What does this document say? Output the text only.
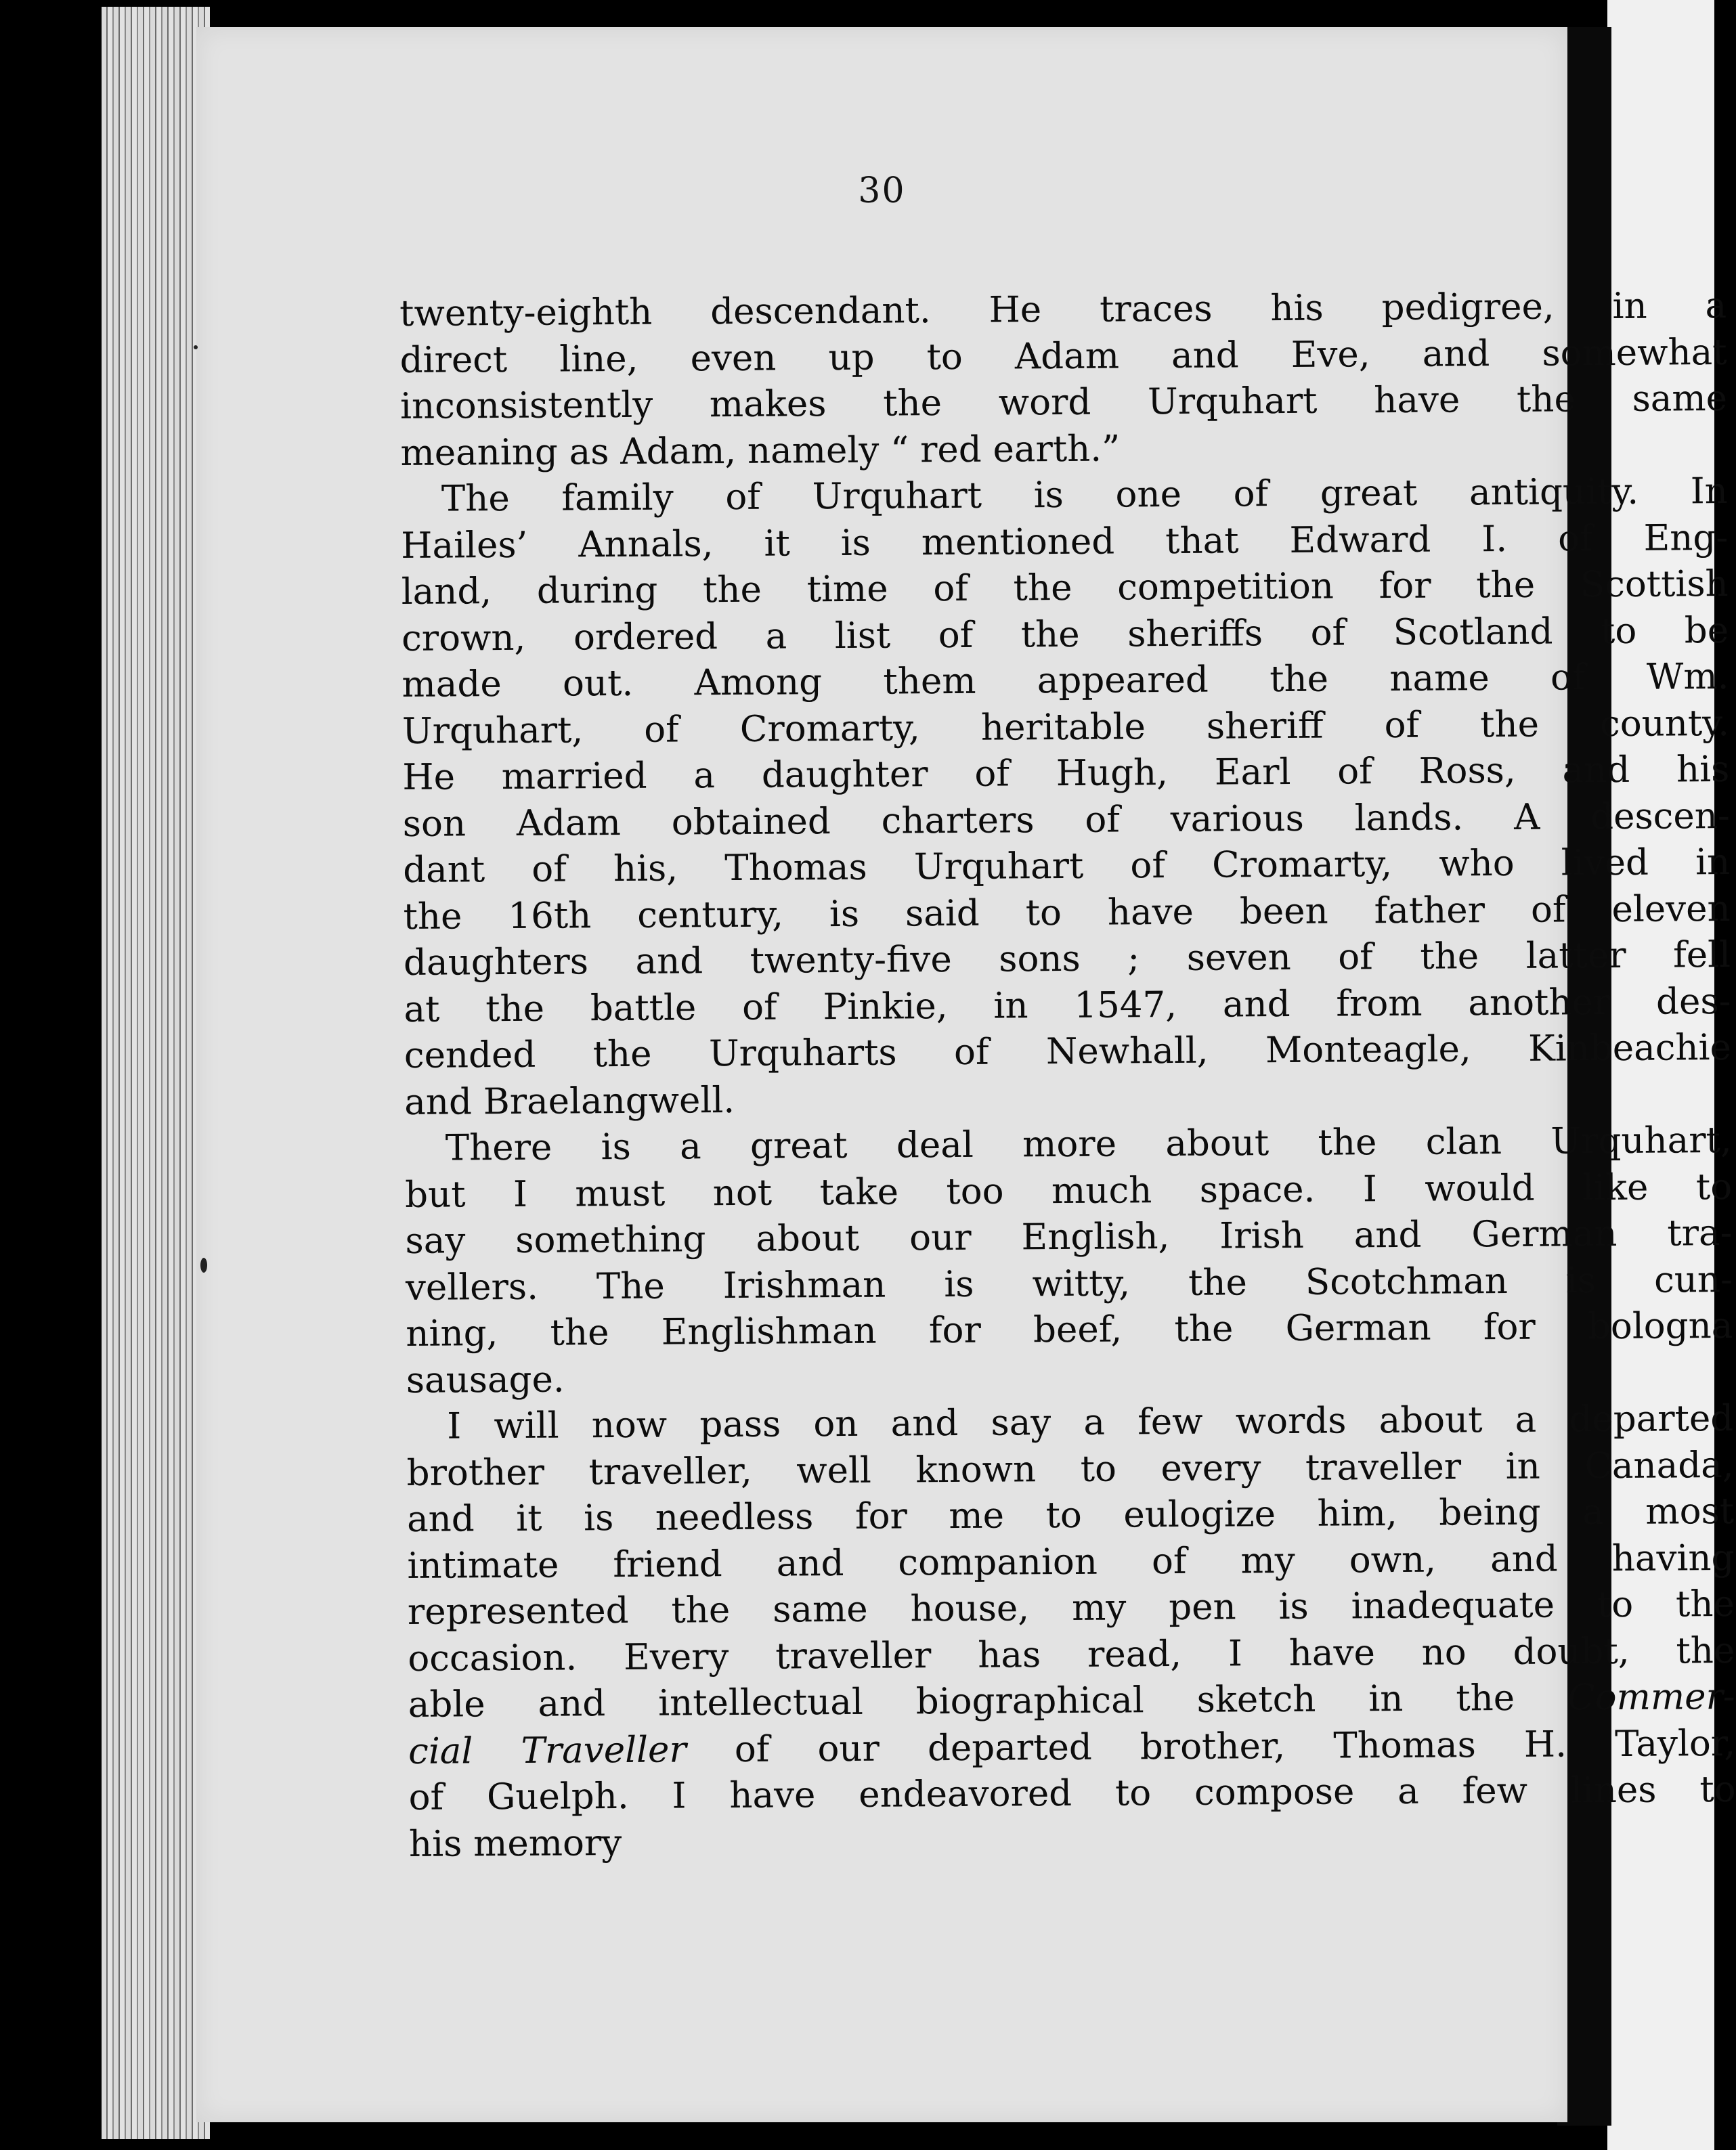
30
twenty-eighth descendant. He traces his pedigree, in a
direct line, even up to Adam and Eve, and somewhat
inconsistently makes the word Urquhart have the same
meaning as Adam, namely “ red earth.”
The family of Urquhart is one of great antiquity. In
Hailes’ Annals, it is mentioned that Edward I. of Eng-
land, during the time of the competition for the Scottish
crown, ordered a list of the sheriffs of Scotland to be
made out. Among them appeared the name of Wm.
Urquhart, of Cromarty, heritable sheriff of the county.
He married a daughter of Hugh, Earl of Ross, and his
son Adam obtained charters of various lands. A descen-
dant of his, Thomas Urquhart of Cromarty, who lived in
the 16th century, is said to have been father of eleven
daughters and twenty-five sons ; seven of the latter fell
at the battle of Pinkie, in 1547, and from another des-
cended the Urquharts of Newhall, Monteagle, Kinbeachie
and Braelangwell.
There is a great deal more about the clan Urquhart,
but I must not take too much space. I would like to
say something about our English, Irish and German tra-
vellers. The Irishman is witty, the Scotchman is cun-
ning, the Englishman for beef, the German for bologna
sausage.
I will now pass on and say a few words about a departed
brother traveller, well known to every traveller in Canada,
and it is needless for me to eulogize him, being a most
intimate friend and companion of my own, and having
represented the same house, my pen is inadequate to the
occasion. Every traveller has read, I have no doubt, the
able and intellectual biographical sketch in the Commer-
cial Traveller of our departed brother, Thomas H. Taylor,
of Guelph. I have endeavored to compose a few lines to
his memory
